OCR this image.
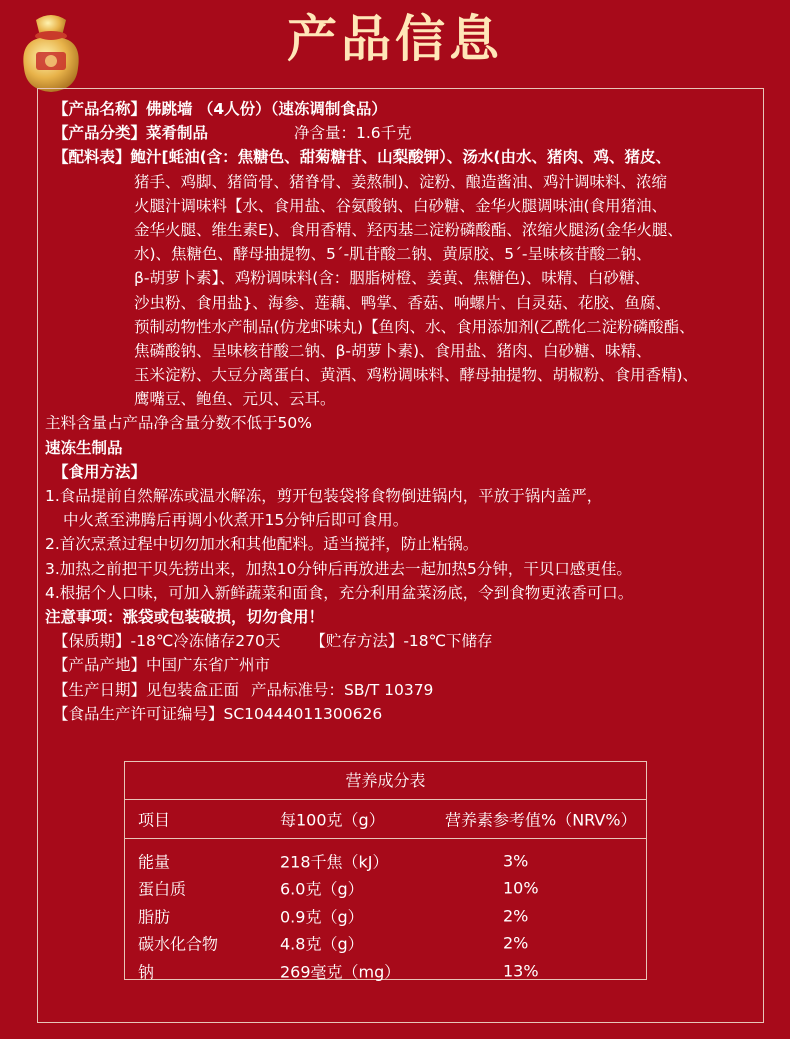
产品信息
【产品名称】佛跳墙 （4人份）（速冻调制食品）
【产品分类】菜肴制品	净含量：1.6千克
【配料表】鲍汁[蚝油(含：焦糖色、甜菊糖苷、山梨酸钾）、汤水(由水、猪肉、鸡、猪皮、
猪手、鸡脚、猪筒骨、猪脊骨、姜熬制)、淀粉、酿造酱油、鸡汁调味料、浓缩
火腿汁调味料【水、食用盐、谷氨酸钠、白砂糖、金华火腿调味油(食用猪油、
金华火腿、维生素E)、食用香精、羟丙基二淀粉磷酸酯、浓缩火腿汤(金华火腿、
水)、焦糖色、酵母抽提物、5´-肌苷酸二钠、黄原胶、5´-呈味核苷酸二钠、
β-胡萝卜素】、鸡粉调味料(含：胭脂树橙、姜黄、焦糖色)、味精、白砂糖、
沙虫粉、食用盐}、海参、莲藕、鸭掌、香菇、响螺片、白灵菇、花胶、鱼腐、
预制动物性水产制品(仿龙虾味丸)【鱼肉、水、食用添加剂(乙酰化二淀粉磷酸酯、
焦磷酸钠、呈味核苷酸二钠、β-胡萝卜素)、食用盐、猪肉、白砂糖、味精、
玉米淀粉、大豆分离蛋白、黄酒、鸡粉调味料、酵母抽提物、胡椒粉、食用香精)、
鹰嘴豆、鲍鱼、元贝、云耳。
主料含量占产品净含量分数不低于50%
速冻生制品
【食用方法】
1.食品提前自然解冻或温水解冻，剪开包装袋将食物倒进锅内，平放于锅内盖严，
中火煮至沸腾后再调小伙煮开15分钟后即可食用。
2.首次烹煮过程中切勿加水和其他配料。适当搅拌，防止粘锅。
3.加热之前把干贝先捞出来，加热10分钟后再放进去一起加热5分钟，干贝口感更佳。
4.根据个人口味，可加入新鲜蔬菜和面食，充分利用盆菜汤底，令到食物更浓香可口。
注意事项：涨袋或包装破损，切勿食用！
【保质期】-18℃冷冻储存270天 【贮存方法】-18℃下储存
【产品产地】中国广东省广州市
【生产日期】见包装盒正面 产品标准号：SB/T 10379
【食品生产许可证编号】SC10444011300626
营养成分表
项目	每100克（g）	营养素参考值%（NRV%）
能量	218千焦（kJ）	3%
蛋白质	6.0克（g）	10%
脂肪	0.9克（g）	2%
碳水化合物	4.8克（g）	2%
钠	269毫克（mg）	13%
